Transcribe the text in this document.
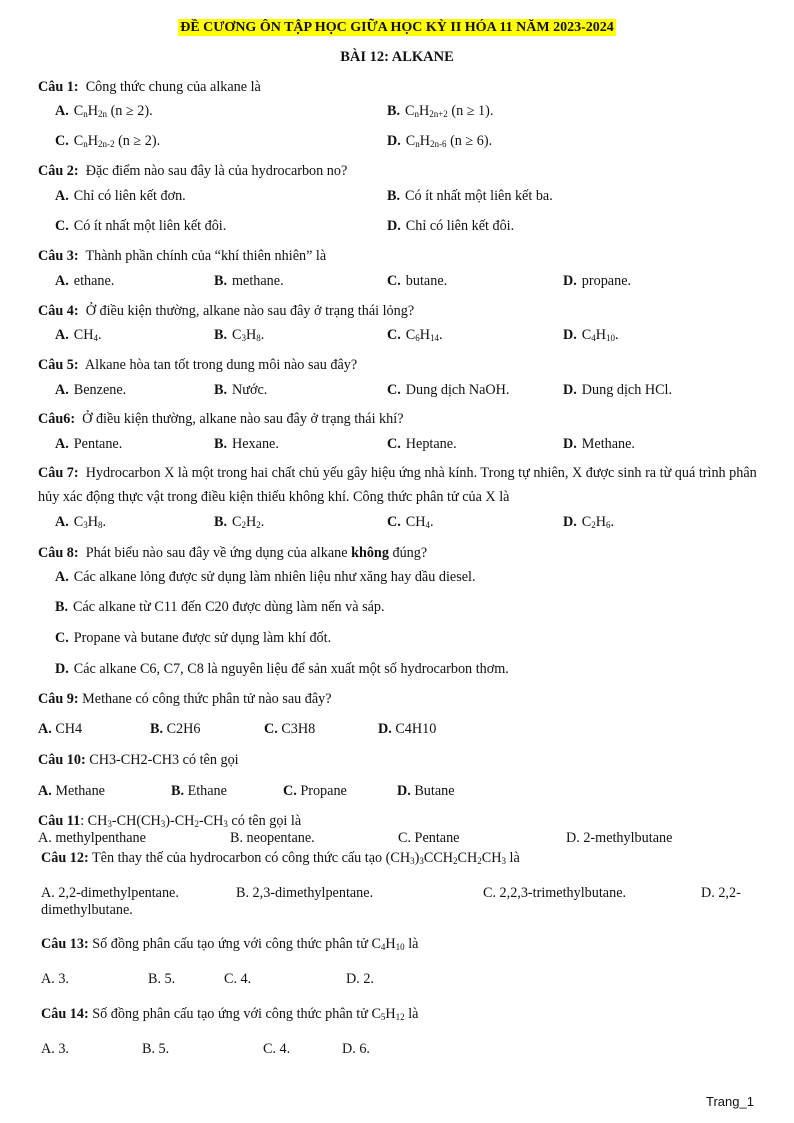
ĐỀ CƯƠNG ÔN TẬP HỌC GIỮA HỌC KỲ II HÓA 11 NĂM 2023-2024
BÀI 12: ALKANE
Câu 1: Công thức chung của alkane là
A. $C_nH_{2n}$ (n ≥ 2).	B. $C_nH_{2n+2}$ (n ≥ 1).
C. $C_nH_{2n-2}$ (n ≥ 2).	D. $C_nH_{2n-6}$ (n ≥ 6).
Câu 2: Đặc điểm nào sau đây là của hydrocarbon no?
A. Chỉ có liên kết đơn.	B. Có ít nhất một liên kết ba.
C. Có ít nhất một liên kết đôi.	D. Chỉ có liên kết đôi.
Câu 3: Thành phần chính của “khí thiên nhiên” là
A. ethane.	B. methane.	C. butane.	D. propane.
Câu 4: Ở điều kiện thường, alkane nào sau đây ở trạng thái lỏng?
A. $CH_4$.	B. $C_3H_8$.	C. $C_6H_{14}$.	D. $C_4H_{10}$.
Câu 5: Alkane hòa tan tốt trong dung môi nào sau đây?
A. Benzene.	B. Nước.	C. Dung dịch NaOH.	D. Dung dịch HCl.
Câu6: Ở điều kiện thường, alkane nào sau đây ở trạng thái khí?
A. Pentane.	B. Hexane.	C. Heptane.	D. Methane.
Câu 7: Hydrocarbon X là một trong hai chất chủ yếu gây hiệu ứng nhà kính. Trong tự nhiên, X được sinh ra từ quá trình phân hủy xác động thực vật trong điều kiện thiếu không khí. Công thức phân tử của X là
A. $C_3H_8$.	B. $C_2H_2$.	C. $CH_4$.	D. $C_2H_6$.
Câu 8: Phát biểu nào sau đây về ứng dụng của alkane không đúng?
A. Các alkane lỏng được sử dụng làm nhiên liệu như xăng hay dầu diesel.
B. Các alkane từ C11 đến C20 được dùng làm nến và sáp.
C. Propane và butane được sử dụng làm khí đốt.
D. Các alkane C6, C7, C8 là nguyên liệu để sản xuất một số hydrocarbon thơm.
Câu 9: Methane có công thức phân tử nào sau đây?
A. CH4	B. C2H6	C. C3H8	D. C4H10
Câu 10: CH3-CH2-CH3 có tên gọi
A. Methane	B. Ethane	C. Propane	D. Butane
Câu 11: $CH_3-CH(CH_3)-CH_2-CH_3$ có tên gọi là
A. methylpenthane	B. neopentane.	C. Pentane	D. 2-methylbutane
Câu 12: Tên thay thế của hydrocarbon có công thức cấu tạo $(CH_3)_3CCH_2CH_2CH_3$ là
A. 2,2-dimethylpentane.	B. 2,3-dimethylpentane.	C. 2,2,3-trimethylbutane.	D. 2,2-dimethylbutane.
Câu 13: Số đồng phân cấu tạo ứng với công thức phân tử $C_4H_{10}$ là
A. 3.	B. 5.	C. 4.	D. 2.
Câu 14: Số đồng phân cấu tạo ứng với công thức phân tử $C_5H_{12}$ là
A. 3.	B. 5.	C. 4.	D. 6.
Trang_1
